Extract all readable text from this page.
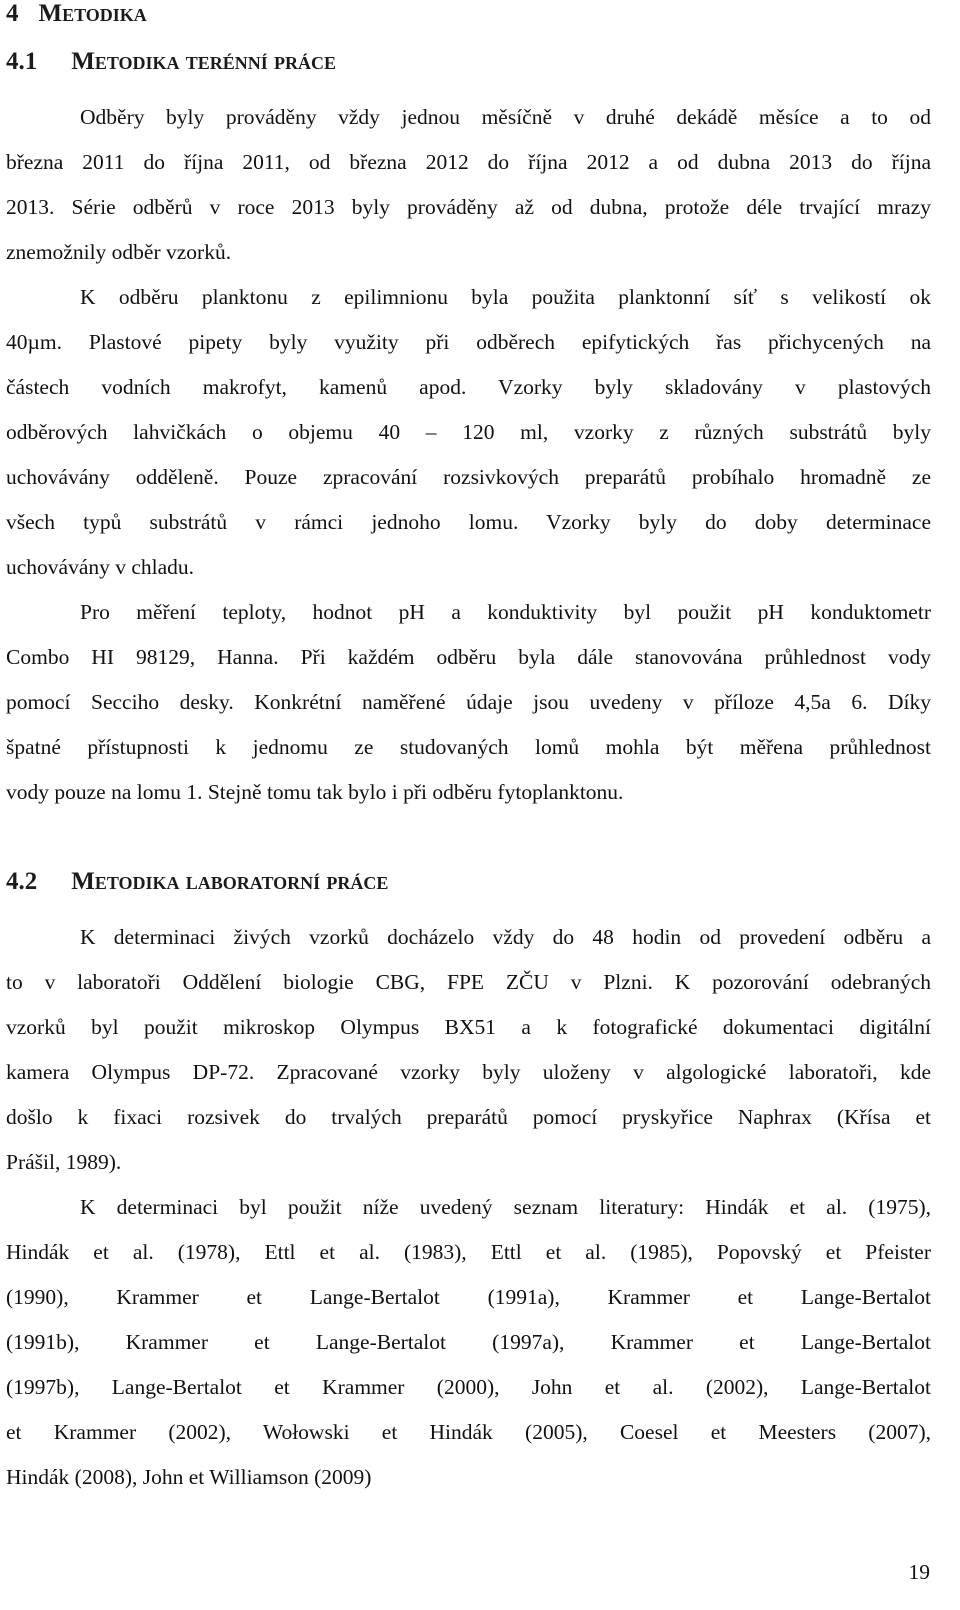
4 Metodika
4.1 Metodika terénní práce
Odběry byly prováděny vždy jednou měsíčně v druhé dekádě měsíce a to od
března 2011 do října 2011, od března 2012 do října 2012 a od dubna 2013 do října
2013. Série odběrů v roce 2013 byly prováděny až od dubna, protože déle trvající mrazy
znemožnily odběr vzorků.
K odběru planktonu z epilimnionu byla použita planktonní síť s velikostí ok
40µm. Plastové pipety byly využity při odběrech epifytických řas přichycených na
částech vodních makrofyt, kamenů apod. Vzorky byly skladovány v plastových
odběrových lahvičkách o objemu 40 – 120 ml, vzorky z různých substrátů byly
uchovávány odděleně. Pouze zpracování rozsivkových preparátů probíhalo hromadně ze
všech typů substrátů v rámci jednoho lomu. Vzorky byly do doby determinace
uchovávány v chladu.
Pro měření teploty, hodnot pH a konduktivity byl použit pH konduktometr
Combo HI 98129, Hanna. Při každém odběru byla dále stanovována průhlednost vody
pomocí Secciho desky. Konkrétní naměřené údaje jsou uvedeny v příloze 4,5a 6. Díky
špatné přístupnosti k jednomu ze studovaných lomů mohla být měřena průhlednost
vody pouze na lomu 1. Stejně tomu tak bylo i při odběru fytoplanktonu.
4.2 Metodika laboratorní práce
K determinaci živých vzorků docházelo vždy do 48 hodin od provedení odběru a
to v laboratoři Oddělení biologie CBG, FPE ZČU v Plzni. K pozorování odebraných
vzorků byl použit mikroskop Olympus BX51 a k fotografické dokumentaci digitální
kamera Olympus DP-72. Zpracované vzorky byly uloženy v algologické laboratoři, kde
došlo k fixaci rozsivek do trvalých preparátů pomocí pryskyřice Naphrax (Křísa et
Prášil, 1989).
K determinaci byl použit níže uvedený seznam literatury: Hindák et al. (1975),
Hindák et al. (1978), Ettl et al. (1983), Ettl et al. (1985), Popovský et Pfeister
(1990), Krammer et Lange-Bertalot (1991a), Krammer et Lange-Bertalot
(1991b), Krammer et Lange-Bertalot (1997a), Krammer et Lange-Bertalot
(1997b), Lange-Bertalot et Krammer (2000), John et al. (2002), Lange-Bertalot
et Krammer (2002), Wołowski et Hindák (2005), Coesel et Meesters (2007),
Hindák (2008), John et Williamson (2009)
19
